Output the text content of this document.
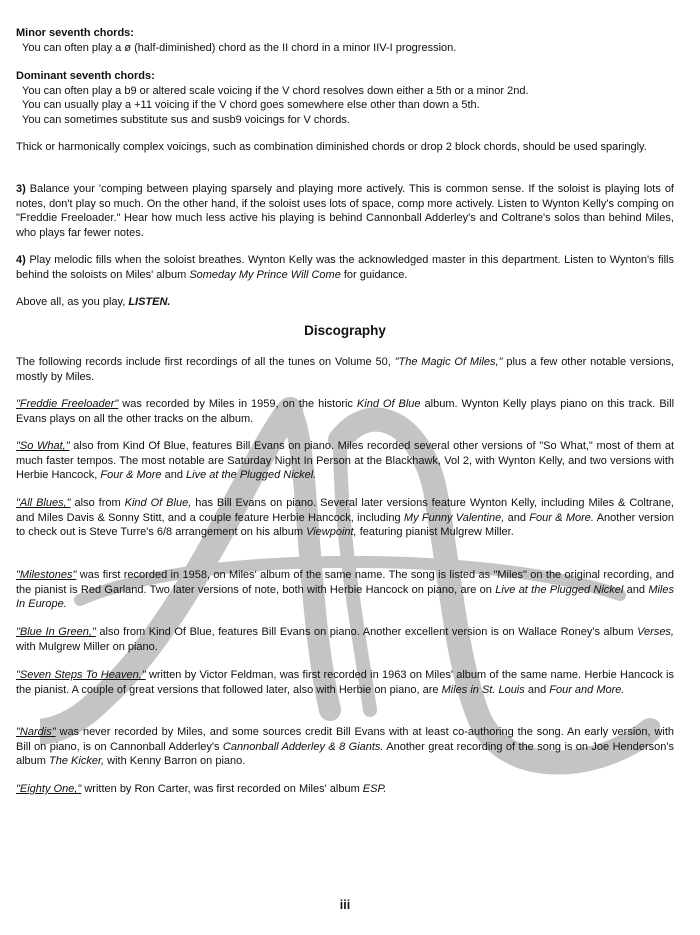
Minor seventh chords:
You can often play a ø (half-diminished) chord as the II chord in a minor IIV-I progression.
Dominant seventh chords:
You can often play a b9 or altered scale voicing if the V chord resolves down either a 5th or a minor 2nd.
You can usually play a +11 voicing if the V chord goes somewhere else other than down a 5th.
You can sometimes substitute sus and susb9 voicings for V chords.

Thick or harmonically complex voicings, such as combination diminished chords or drop 2 block chords, should be used sparingly.

3) Balance your 'comping between playing sparsely and playing more actively. This is common sense. If the soloist is playing lots of notes, don't play so much. On the other hand, if the soloist uses lots of space, comp more actively. Listen to Wynton Kelly's comping on "Freddie Freeloader." Hear how much less active his playing is behind Cannonball Adderley's and Coltrane's solos than behind Miles, who plays far fewer notes.

4) Play melodic fills when the soloist breathes. Wynton Kelly was the acknowledged master in this department. Listen to Wynton's fills behind the soloists on Miles' album Someday My Prince Will Come for guidance.

Above all, as you play, LISTEN.

Discography

The following records include first recordings of all the tunes on Volume 50, "The Magic Of Miles," plus a few other notable versions, mostly by Miles.

"Freddie Freeloader" was recorded by Miles in 1959, on the historic Kind Of Blue album. Wynton Kelly plays piano on this track. Bill Evans plays on all the other tracks on the album.

"So What," also from Kind Of Blue, features Bill Evans on piano. Miles recorded several other versions of "So What," most of them at much faster tempos. The most notable are Saturday Night In Person at the Blackhawk, Vol 2, with Wynton Kelly, and two versions with Herbie Hancock, Four & More and Live at the Plugged Nickel.

"All Blues," also from Kind Of Blue, has Bill Evans on piano. Several later versions feature Wynton Kelly, including Miles & Coltrane, and Miles Davis & Sonny Stitt, and a couple feature Herbie Hancock, including My Funny Valentine, and Four & More. Another version to check out is Steve Turre's 6/8 arrangement on his album Viewpoint, featuring pianist Mulgrew Miller.

"Milestones" was first recorded in 1958, on Miles' album of the same name. The song is listed as "Miles" on the original recording, and the pianist is Red Garland. Two later versions of note, both with Herbie Hancock on piano, are on Live at the Plugged Nickel and Miles In Europe.

"Blue In Green," also from Kind Of Blue, features Bill Evans on piano. Another excellent version is on Wallace Roney's album Verses, with Mulgrew Miller on piano.

"Seven Steps To Heaven," written by Victor Feldman, was first recorded in 1963 on Miles' album of the same name. Herbie Hancock is the pianist. A couple of great versions that followed later, also with Herbie on piano, are Miles in St. Louis and Four and More.

"Nardis" was never recorded by Miles, and some sources credit Bill Evans with at least co-authoring the song. An early version, with Bill on piano, is on Cannonball Adderley's Cannonball Adderley & 8 Giants. Another great recording of the song is on Joe Henderson's album The Kicker, with Kenny Barron on piano.

"Eighty One," written by Ron Carter, was first recorded on Miles' album ESP.

iii
